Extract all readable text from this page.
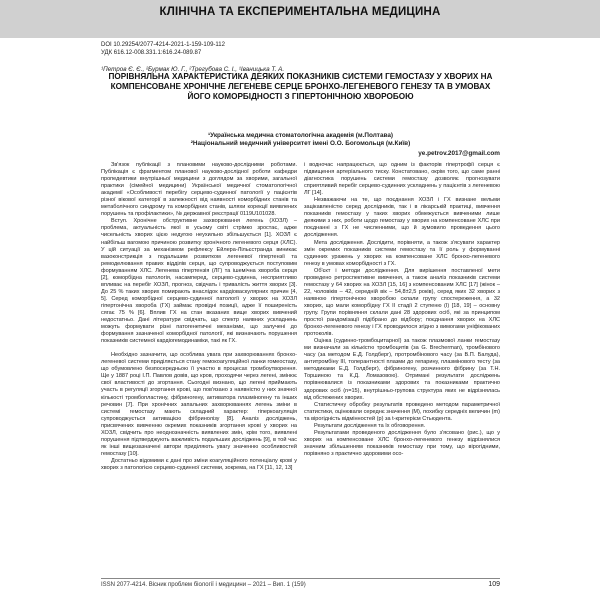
КЛІНІЧНА ТА ЕКСПЕРИМЕНТАЛЬНА МЕДИЦИНА
DOI 10.29254/2077-4214-2021-1-159-109-112
УДК 616.12-008.331.1:616.24-089.87
¹Петров Є. Є., ²Бурмак Ю. Г., ²Трегубова С. І., ¹Іваницька Т. А.
ПОРІВНЯЛЬНА ХАРАКТЕРИСТИКА ДЕЯКИХ ПОКАЗНИКІВ СИСТЕМИ ГЕМОСТАЗУ У ХВОРИХ НА КОМПЕНСОВАНЕ ХРОНІЧНЕ ЛЕГЕНЕВЕ СЕРЦЕ БРОНХО-ЛЕГЕНЕВОГО ГЕНЕЗУ ТА В УМОВАХ ЙОГО КОМОРБІДНОСТІ З ГІПЕРТОНІЧНОЮ ХВОРОБОЮ
¹Українська медична стоматологічна академія (м.Полтава)
²Національний медичний університет імені О.О. Богомольця (м.Київ)
ye.petrov.2017@gmail.com

Зв'язок публікації з плановими науково-дослідними роботами. Публікація є фрагментом планової науково-дослідної роботи кафедри пропедевтики внутрішньої медицини з доглядом за хворими, загальної практики (сімейної медицини) Української медичної стоматологічної академії «Особливості перебігу серцево-судинної патології у пацієнтів різної вікової категорії в залежності від наявності коморбідних станів та метаболічного синдрому та коморбідних станів, шляхи корекції виявлених порушень та профілактики», № державної реєстрації 0119U101028.

Вступ. Хронічне обструктивне захворювання легень (ХОЗЛ) – проблема, актуальність якої в усьому світі стрімко зростає, адже чисельність хворих цією недугою неухильно збільшується [1]. ХОЗЛ є найбільш вагомою причиною розвитку хронічного легеневого серця (ХЛС). У цій ситуації за механізмом рефлексу Ейлера-Лільєстранда виникає вазоконстрикція з подальшим розвитком легеневої гіпертензії та ремоделювання правих відділів серця, що супроводжується поступовим формуванням ХЛС. Легенева гіпертензія (ЛГ) та ішемічна хвороба серця [2], коморбідна патологія, насамперед, серцево-судинна, несприятливо впливає на перебіг ХОЗЛ, прогноз, свідчать і тривалість життя хворих [3]. До 25 % таких хворих помирають внаслідок кардіоваскулярних причин [4, 5]. Серед коморбідної серцево-судинної патології у хворих на ХОЗЛ гіпертонічна хвороба (ГХ) займає провідні позиції, адже її поширеність сягає 75 % [6]. Вплив ГХ на стан вказаних вище хворих вивчений недостатньо. Дані літератури свідчать, що спектр наявних ускладнень можуть формувати різні патогенетичні механізми, що залучені до формування зазначеної коморбідної патології, які визначають порушення показників системної кардіогемодинаміки, такі як ГХ.

Необхідно зазначити, що особлива увага при захворюваннях бронхо-легеневої системи приділяється стану гемокоагуляційної ланки гомеостазу, що обумовлено безпосередньою її участю в процесах тромбоутворення. Ще у 1887 році І.П. Павлов довів, що кров, проходячи через легені, змінює свої властивості до згортання. Сьогодні визнано, що легені приймають участь в регуляції згортання крові, що пов'язано з наявністю у них значної кількості тромбопластину, фібриногену, активатора плазміногену та інших речовин [7]. При хронічних запальних захворюваннях легень зміни в системі гемостазу мають складний характер: гіперкоагуляція супроводжується активацією фібринолізу [8]. Аналіз досліджень, присвячених вивченню окремих показників згортання крові у хворих на ХОЗЛ, свідчить про неоднозначність виявлених змін, крім того, виявлені порушення підтверджують важливість подальших досліджень [9], в той час як інші вищезазначені автори приділяють увагу значенню особливостей гемостазу [10].

Достатньо відомими є дані про зміни коагуляційного потенціалу крові у хворих з патологією серцево-судинної системи, зокрема, на ГХ [11, 12, 13]

і водночас напрацюється, що одним із факторів гіпертрофії серця є підвищення артеріального тиску. Констатовано, окрім того, що саме ранні діагностика порушень системи гемостазу дозволяє прогнозувати сприятливий перебіг серцево-судинних ускладнень у пацієнтів з легеневою ЛГ [14].

Незважаючи на те, що поєднання ХОЗЛ і ГХ визнане вельми зацікавленістю серед дослідників, так і в лікарській практиці, вивчення показників гемостазу у таких хворих обмежується вивченими лише деякими з них, роботи щодо гемостазу у хворих на компенсоване ХЛС при поєднанні з ГХ не численними, що й зумовило проведення цього дослідження.

Мета дослідження. Дослідити, порівняти, а також з'ясувати характер змін окремих показників системи гемостазу та її роль у формуванні судинних уражень у хворих на компенсоване ХЛС бронхо-легеневого генезу в умовах коморбідності з ГХ.

Об'єкт і методи дослідження. Для вирішення поставленої мети проведено ретроспективне вивчення, а також аналіз показників системи гемостазу у 64 хворих на ХОЗЛ [15, 16] з компенсованим ХЛС [17] (жінок – 22, чоловіків – 42, середній вік – 54,8±2,5 років), серед яких 32 хворих з наявною гіпертонічною хворобою склали групу спостереження, а 32 хворих, що мали коморбідну ГХ ІІ стадії 2 ступеню (І) [18, 19] – основну групу. Групи порівняння склали дані 28 здорових осіб, які за принципом простої рандомізації підібрано до відбору; поєднання хворих на ХЛС бронхо-легеневого генезу і ГХ проводилося згідно з вимогами уніфікованих протоколів.

Оцінка (судинно-тромбоцитарної) за також плазмової ланки гемостазу ми визначали за кількістю тромбоцитів (за G. Brecherman), тромбінового часу (за методом Е.Д. Голдберг), протромбінового часу (за В.П. Балуда), антитромбіну ІІІ, толерантності плазми до гепарину, плазмінового тесту (за методиками Е.Д. Голдберг), фібриногену, розчинного фібрину (за Т.Н. Торшиною та К.Д. Ломазовою). Отримані результати досліджень порівнювалися із показниками здорових та показниками практично здорових осіб (n=15), внутрішньо-групова структура яких не відрізнялась від обстежених хворих.

Статистичну обробку результатів проведено методом параметричної статистики, оцінювали середнє значення (M), похибку середніх величин (m) та вірогідність відмінностей (р) за t-критерієм Стьюдента.

Результати дослідження та їх обговорення.

Результатами проведеного дослідження було з'ясовано (рис.), що у хворих на компенсоване ХЛС бронхо-легеневого генезу відрізнялися значним збільшенням показників гемостазу при тому, що вірогідними, порівняно з практично здоровими осо-

ISSN 2077-4214. Вісник проблем біології і медицини – 2021 – Вип. 1 (159)	109
